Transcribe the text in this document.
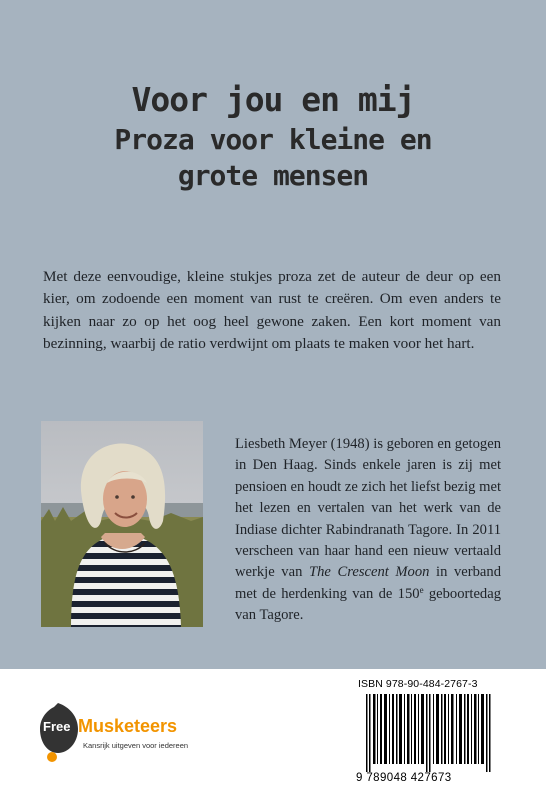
Voor jou en mij
Proza voor kleine en
grote mensen

Met deze eenvoudige, kleine stukjes proza zet de auteur de deur op een kier, om zodoende een moment van rust te creëren. Om even anders te kijken naar zo op het oog heel gewone zaken. Een kort moment van bezinning, waarbij de ratio verdwijnt om plaats te maken voor het hart.

Liesbeth Meyer (1948) is geboren en getogen in Den Haag. Sinds enkele jaren is zij met pensioen en houdt ze zich het liefst bezig met het lezen en vertalen van het werk van de Indiase dichter Rabindranath Tagore. In 2011 verscheen van haar hand een nieuw vertaald werkje van The Crescent Moon in verband met de herdenking van de 150e geboortedag van Tagore.

Free Musketeers
Kansrijk uitgeven voor iedereen
ISBN 978-90-484-2767-3
9 789048 427673
